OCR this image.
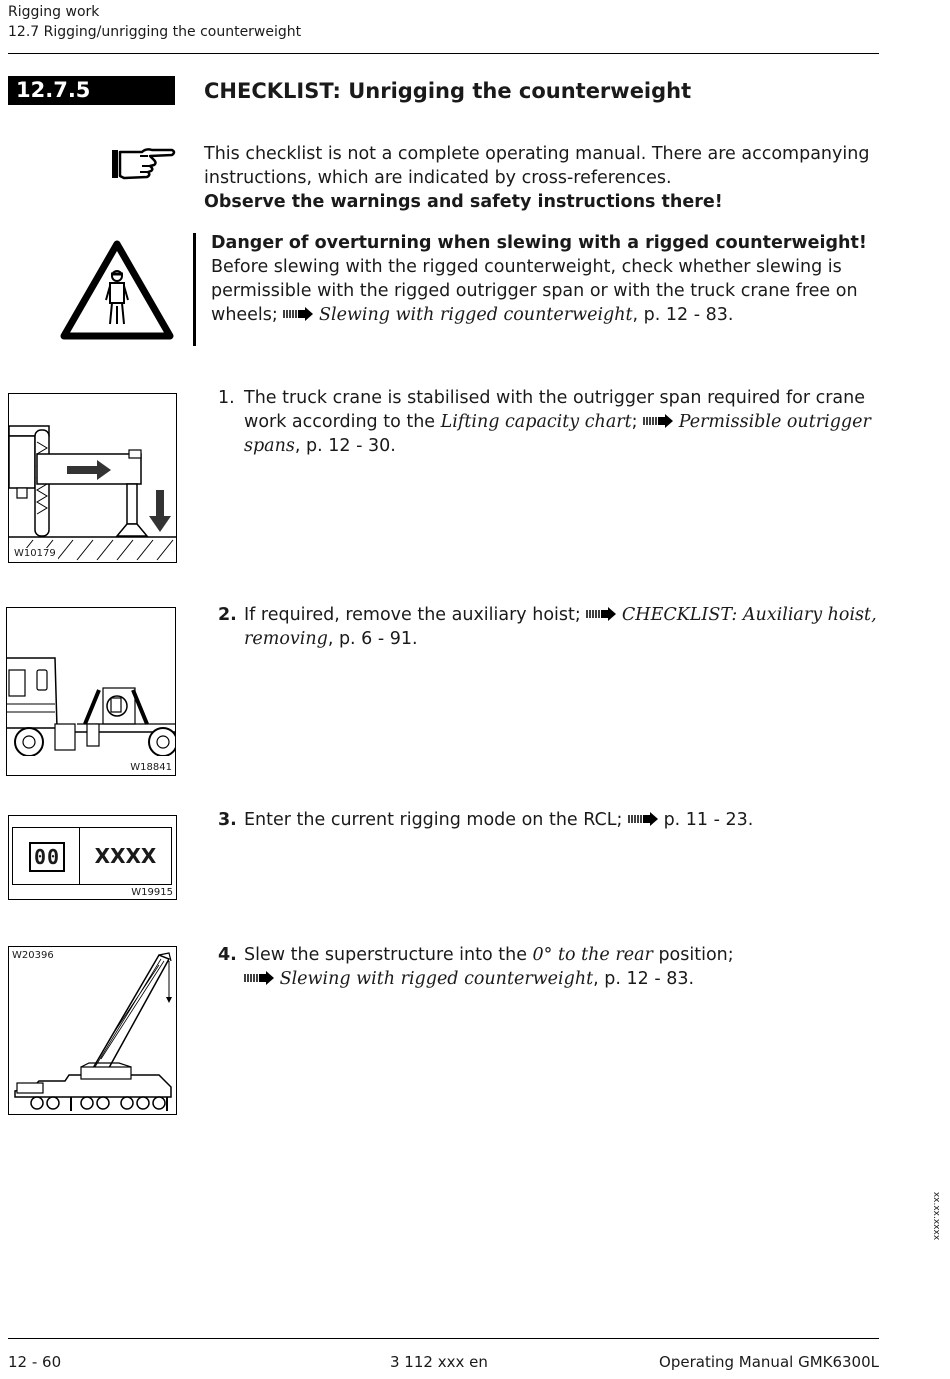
Rigging work
12.7 Rigging/unrigging the counterweight
12.7.5	CHECKLIST: Unrigging the counterweight
This checklist is not a complete operating manual. There are accompanying
instructions, which are indicated by cross-references.
Observe the warnings and safety instructions there!
Danger of overturning when slewing with a rigged counterweight!
Before slewing with the rigged counterweight, check whether slewing is
permissible with the rigged outrigger span or with the truck crane free on
wheels; Slewing with rigged counterweight, p. 12 - 83.
W10179
1. The truck crane is stabilised with the outrigger span required for crane
work according to the Lifting capacity chart; Permissible outrigger
spans, p. 12 - 30.
W18841
2. If required, remove the auxiliary hoist; CHECKLIST: Auxiliary hoist,
removing, p. 6 - 91.
00	XXXX
W19915
3. Enter the current rigging mode on the RCL; p. 11 - 23.
W20396	4. Slew the superstructure into the 0° to the rear position;
Slewing with rigged counterweight, p. 12 - 83.
xx.xx.xxxx
12 - 60	3 112 xxx en	Operating Manual GMK6300L
